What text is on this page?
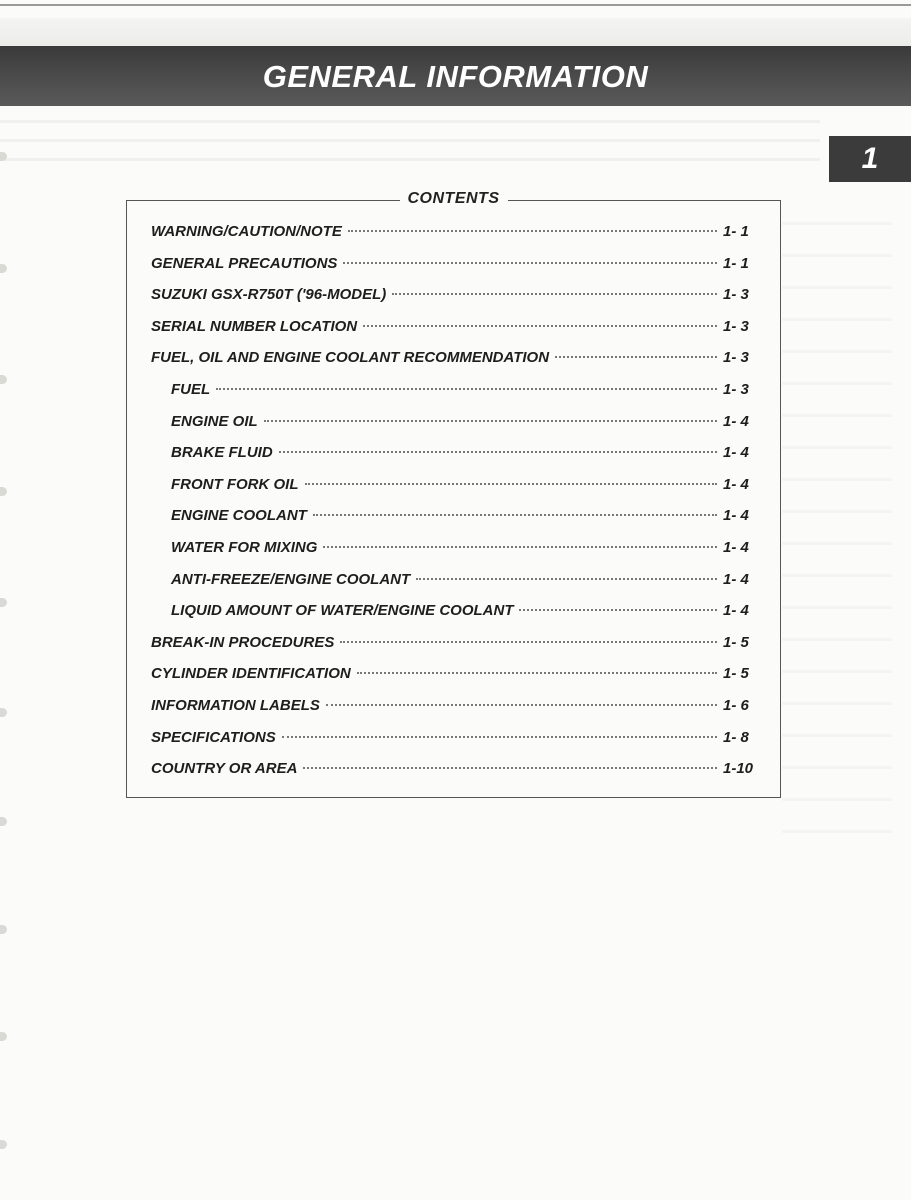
GENERAL INFORMATION
1
CONTENTS
WARNING/CAUTION/NOTE	1- 1
GENERAL PRECAUTIONS	1- 1
SUZUKI GSX-R750T ('96-MODEL)	1- 3
SERIAL NUMBER LOCATION	1- 3
FUEL, OIL AND ENGINE COOLANT RECOMMENDATION	1- 3
FUEL	1- 3
ENGINE OIL	1- 4
BRAKE FLUID	1- 4
FRONT FORK OIL	1- 4
ENGINE COOLANT	1- 4
WATER FOR MIXING	1- 4
ANTI-FREEZE/ENGINE COOLANT	1- 4
LIQUID AMOUNT OF WATER/ENGINE COOLANT	1- 4
BREAK-IN PROCEDURES	1- 5
CYLINDER IDENTIFICATION	1- 5
INFORMATION LABELS	1- 6
SPECIFICATIONS	1- 8
COUNTRY OR AREA	1-10
